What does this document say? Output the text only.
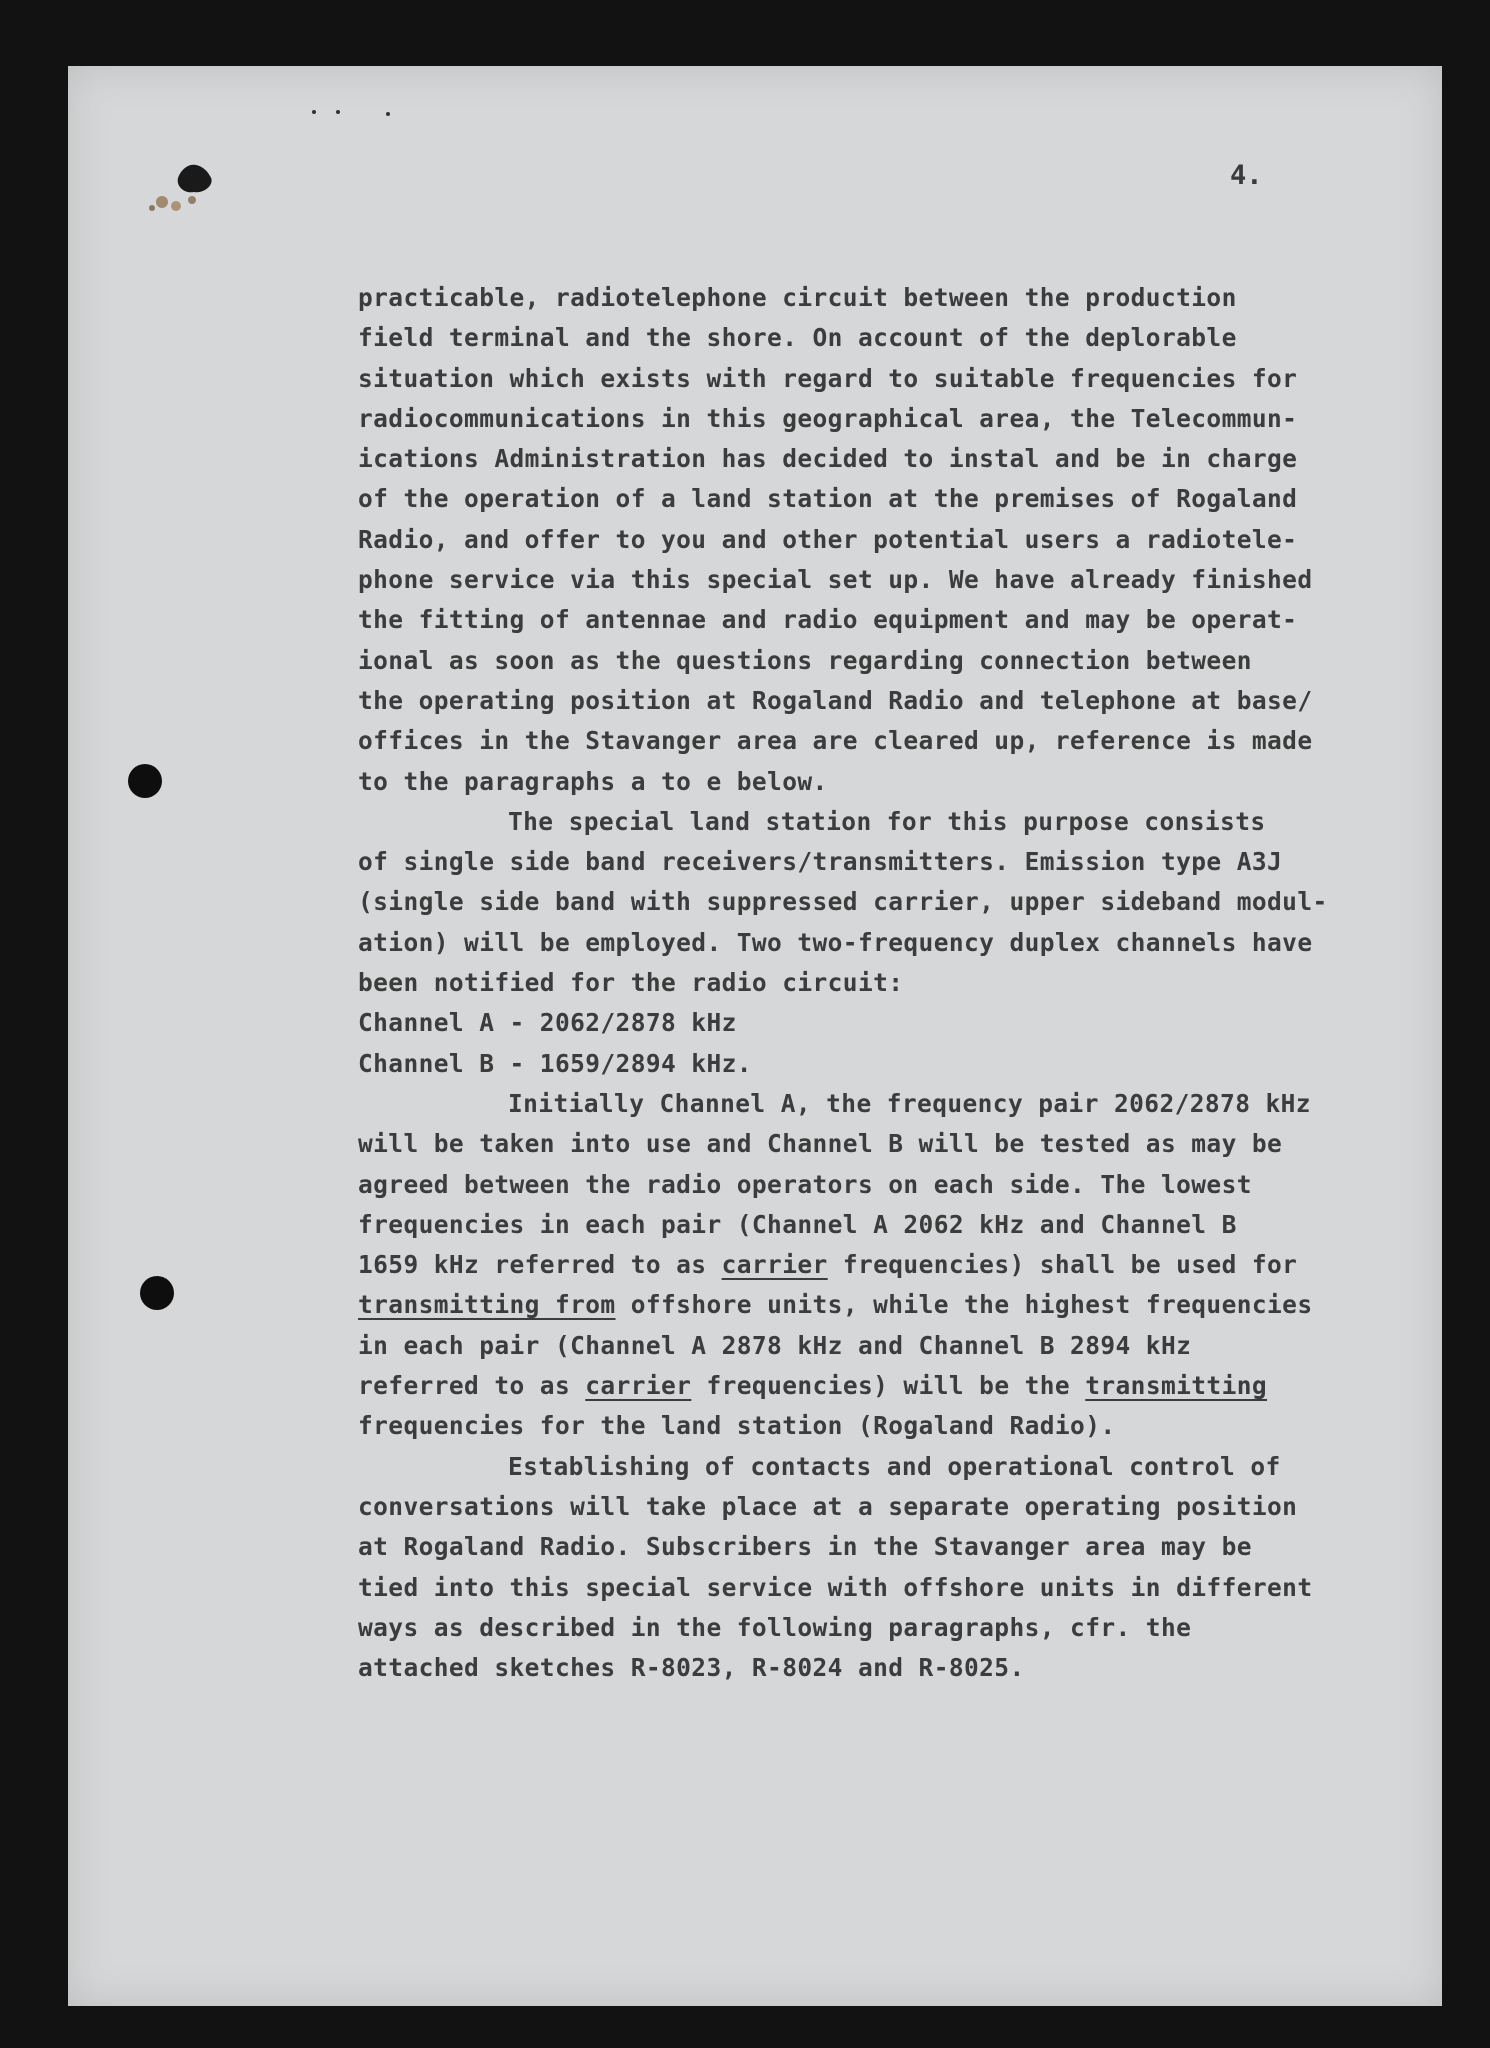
4.
practicable, radiotelephone circuit between the production
field terminal and the shore. On account of the deplorable
situation which exists with regard to suitable frequencies for
radiocommunications in this geographical area, the Telecommun-
ications Administration has decided to instal and be in charge
of the operation of a land station at the premises of Rogaland
Radio, and offer to you and other potential users a radiotele-
phone service via this special set up. We have already finished
the fitting of antennae and radio equipment and may be operat-
ional as soon as the questions regarding connection between
the operating position at Rogaland Radio and telephone at base/
offices in the Stavanger area are cleared up, reference is made
to the paragraphs a to e below.
The special land station for this purpose consists
of single side band receivers/transmitters. Emission type A3J
(single side band with suppressed carrier, upper sideband modul-
ation) will be employed. Two two-frequency duplex channels have
been notified for the radio circuit:
Channel A - 2062/2878 kHz
Channel B - 1659/2894 kHz.
Initially Channel A, the frequency pair 2062/2878 kHz
will be taken into use and Channel B will be tested as may be
agreed between the radio operators on each side. The lowest
frequencies in each pair (Channel A 2062 kHz and Channel B
1659 kHz referred to as carrier frequencies) shall be used for
transmitting from offshore units, while the highest frequencies
in each pair (Channel A 2878 kHz and Channel B 2894 kHz
referred to as carrier frequencies) will be the transmitting
frequencies for the land station (Rogaland Radio).
Establishing of contacts and operational control of
conversations will take place at a separate operating position
at Rogaland Radio. Subscribers in the Stavanger area may be
tied into this special service with offshore units in different
ways as described in the following paragraphs, cfr. the
attached sketches R-8023, R-8024 and R-8025.
